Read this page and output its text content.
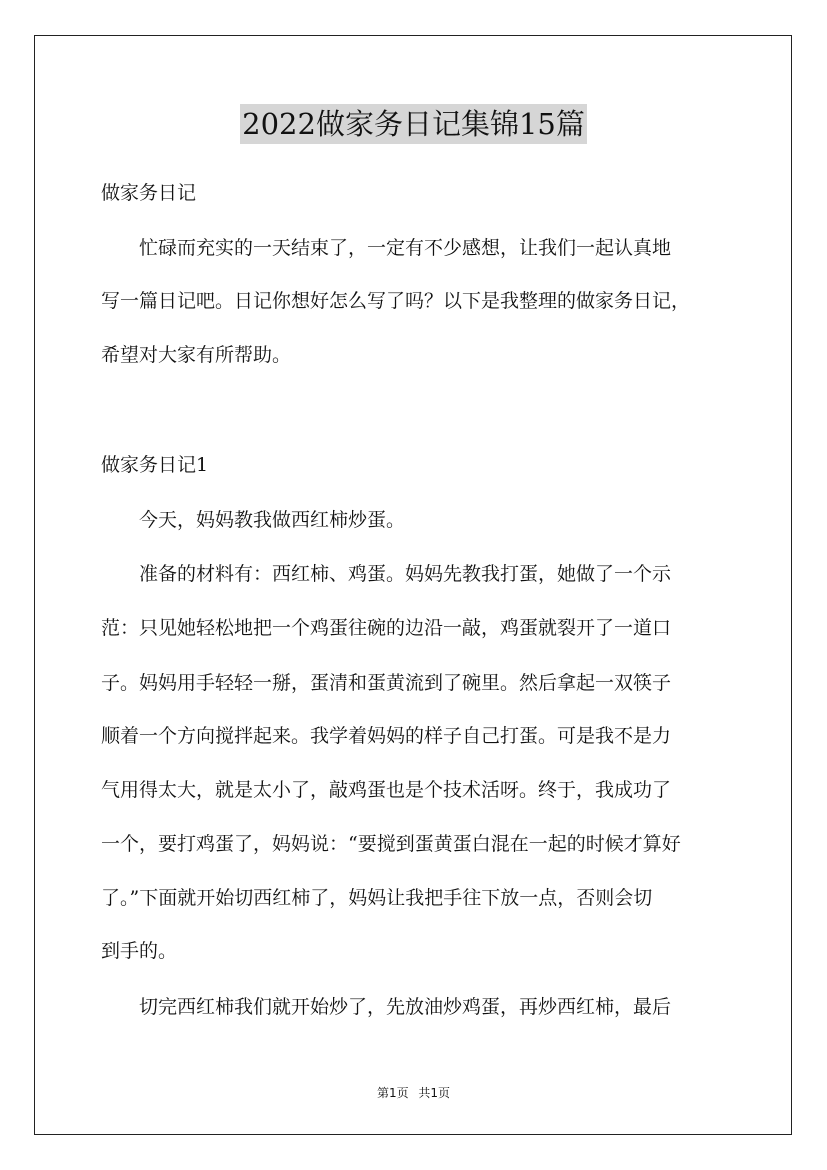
2022做家务日记集锦15篇
做家务日记
忙碌而充实的一天结束了，一定有不少感想，让我们一起认真地
写一篇日记吧。日记你想好怎么写了吗？以下是我整理的做家务日记，
希望对大家有所帮助。
做家务日记1
今天，妈妈教我做西红柿炒蛋。
准备的材料有：西红柿、鸡蛋。妈妈先教我打蛋，她做了一个示
范：只见她轻松地把一个鸡蛋往碗的边沿一敲，鸡蛋就裂开了一道口
子。妈妈用手轻轻一掰，蛋清和蛋黄流到了碗里。然后拿起一双筷子
顺着一个方向搅拌起来。我学着妈妈的样子自己打蛋。可是我不是力
气用得太大，就是太小了，敲鸡蛋也是个技术活呀。终于，我成功了
一个，要打鸡蛋了，妈妈说：“要搅到蛋黄蛋白混在一起的时候才算好
了。”下面就开始切西红柿了，妈妈让我把手往下放一点，否则会切
到手的。
切完西红柿我们就开始炒了，先放油炒鸡蛋，再炒西红柿，最后
第1页 共1页
